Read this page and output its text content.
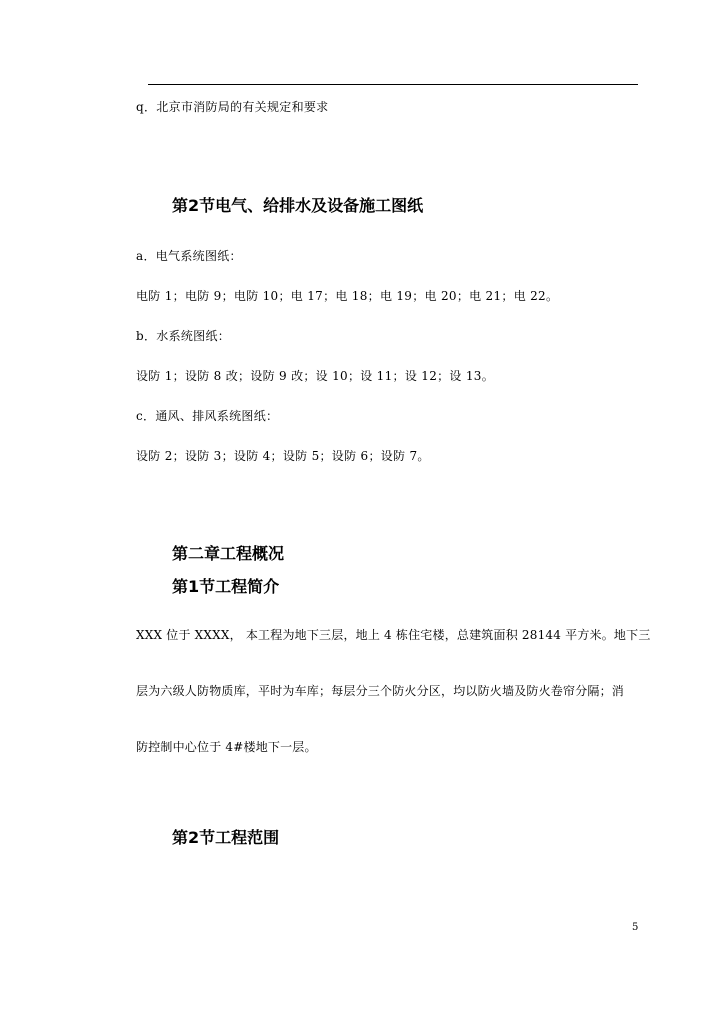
q．北京市消防局的有关规定和要求
第2节电气、给排水及设备施工图纸
a．电气系统图纸：
电防 1；电防 9；电防 10；电 17；电 18；电 19；电 20；电 21；电 22。
b．水系统图纸：
设防 1；设防 8 改；设防 9 改；设 10；设 11；设 12；设 13。
c．通风、排风系统图纸：
设防 2；设防 3；设防 4；设防 5；设防 6；设防 7。
第二章工程概况
第1节工程简介
XXX 位于 XXXX， 本工程为地下三层，地上 4 栋住宅楼，总建筑面积 28144 平方米。地下三
层为六级人防物质库，平时为车库；每层分三个防火分区，均以防火墙及防火卷帘分隔；消
防控制中心位于 4#楼地下一层。
第2节工程范围
5
